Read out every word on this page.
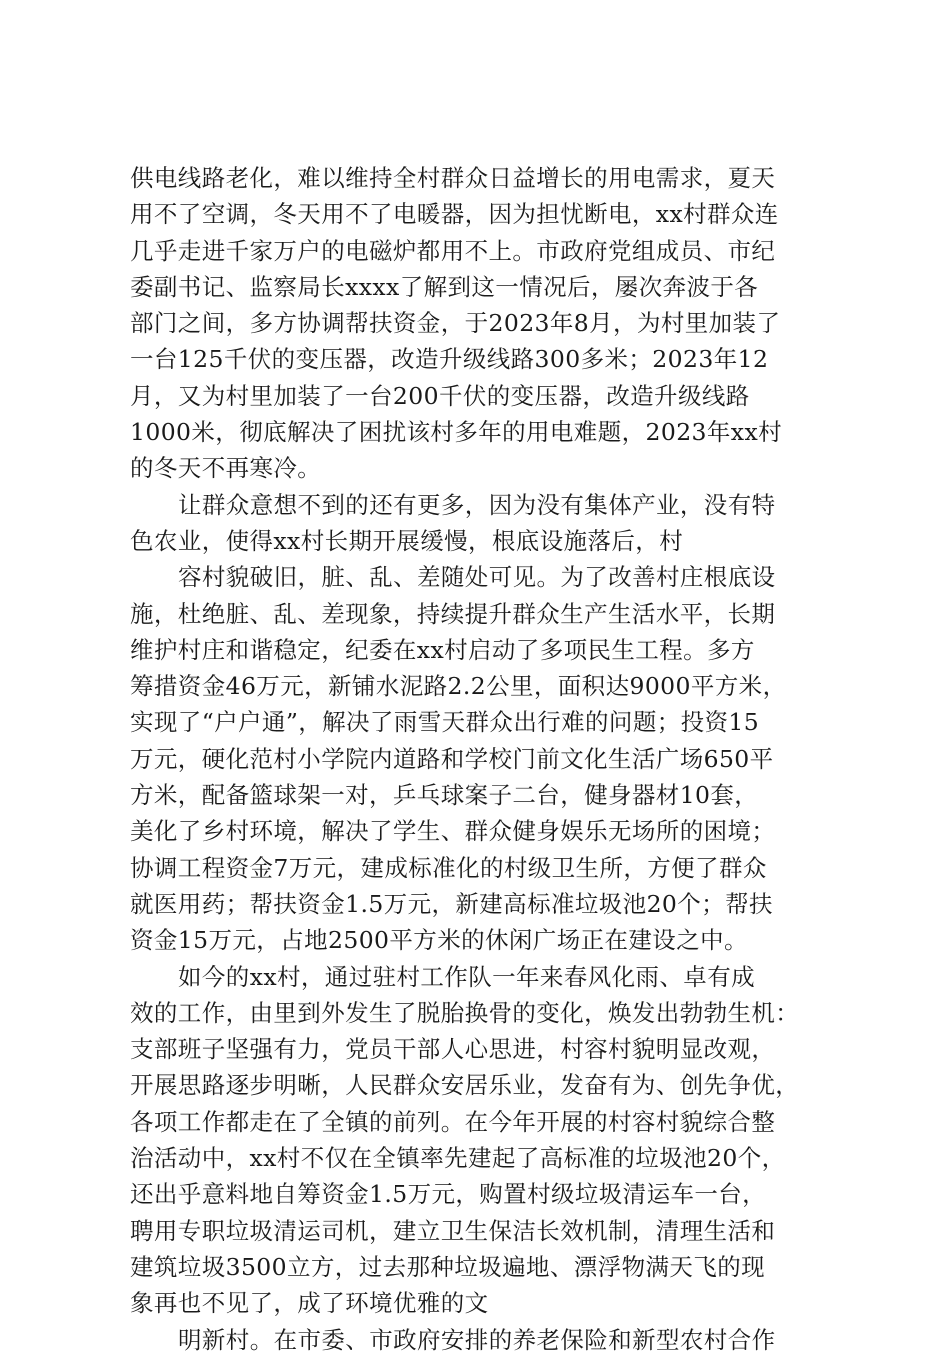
供电线路老化，难以维持全村群众日益增长的用电需求，夏天
用不了空调，冬天用不了电暖器，因为担忧断电，xx村群众连
几乎走进千家万户的电磁炉都用不上。市政府党组成员、市纪
委副书记、监察局长xxxx了解到这一情况后，屡次奔波于各
部门之间，多方协调帮扶资金，于2023年8月，为村里加装了
一台125千伏的变压器，改造升级线路300多米；2023年12
月，又为村里加装了一台200千伏的变压器，改造升级线路
1000米，彻底解决了困扰该村多年的用电难题，2023年xx村
的冬天不再寒冷。
让群众意想不到的还有更多，因为没有集体产业，没有特
色农业，使得xx村长期开展缓慢，根底设施落后，村
容村貌破旧，脏、乱、差随处可见。为了改善村庄根底设
施，杜绝脏、乱、差现象，持续提升群众生产生活水平，长期
维护村庄和谐稳定，纪委在xx村启动了多项民生工程。多方
筹措资金46万元，新铺水泥路2.2公里，面积达9000平方米，
实现了“户户通”，解决了雨雪天群众出行难的问题；投资15
万元，硬化范村小学院内道路和学校门前文化生活广场650平
方米，配备篮球架一对，乒乓球案子二台，健身器材10套，
美化了乡村环境，解决了学生、群众健身娱乐无场所的困境；
协调工程资金7万元，建成标准化的村级卫生所，方便了群众
就医用药；帮扶资金1.5万元，新建高标准垃圾池20个；帮扶
资金15万元，占地2500平方米的休闲广场正在建设之中。
如今的xx村，通过驻村工作队一年来春风化雨、卓有成
效的工作，由里到外发生了脱胎换骨的变化，焕发出勃勃生机：
支部班子坚强有力，党员干部人心思进，村容村貌明显改观，
开展思路逐步明晰，人民群众安居乐业，发奋有为、创先争优，
各项工作都走在了全镇的前列。在今年开展的村容村貌综合整
治活动中，xx村不仅在全镇率先建起了高标准的垃圾池20个，
还出乎意料地自筹资金1.5万元，购置村级垃圾清运车一台，
聘用专职垃圾清运司机，建立卫生保洁长效机制，清理生活和
建筑垃圾3500立方，过去那种垃圾遍地、漂浮物满天飞的现
象再也不见了，成了环境优雅的文
明新村。在市委、市政府安排的养老保险和新型农村合作
